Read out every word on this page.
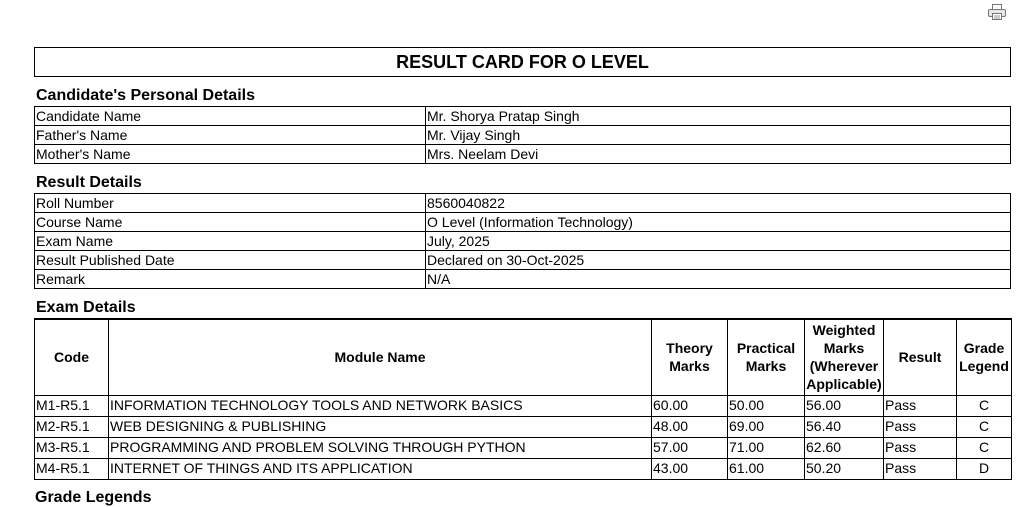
RESULT CARD FOR O LEVEL
Candidate's Personal Details
Candidate Name	Mr. Shorya Pratap Singh
Father's Name	Mr. Vijay Singh
Mother's Name	Mrs. Neelam Devi
Result Details
Roll Number	8560040822
Course Name	O Level (Information Technology)
Exam Name	July, 2025
Result Published Date	Declared on 30-Oct-2025
Remark	N/A
Exam Details
Code	Module Name	Theory Marks	Practical Marks	Weighted Marks (Wherever Applicable)	Result	Grade Legend
M1-R5.1	INFORMATION TECHNOLOGY TOOLS AND NETWORK BASICS	60.00	50.00	56.00	Pass	C
M2-R5.1	WEB DESIGNING & PUBLISHING	48.00	69.00	56.40	Pass	C
M3-R5.1	PROGRAMMING AND PROBLEM SOLVING THROUGH PYTHON	57.00	71.00	62.60	Pass	C
M4-R5.1	INTERNET OF THINGS AND ITS APPLICATION	43.00	61.00	50.20	Pass	D
Grade Legends
